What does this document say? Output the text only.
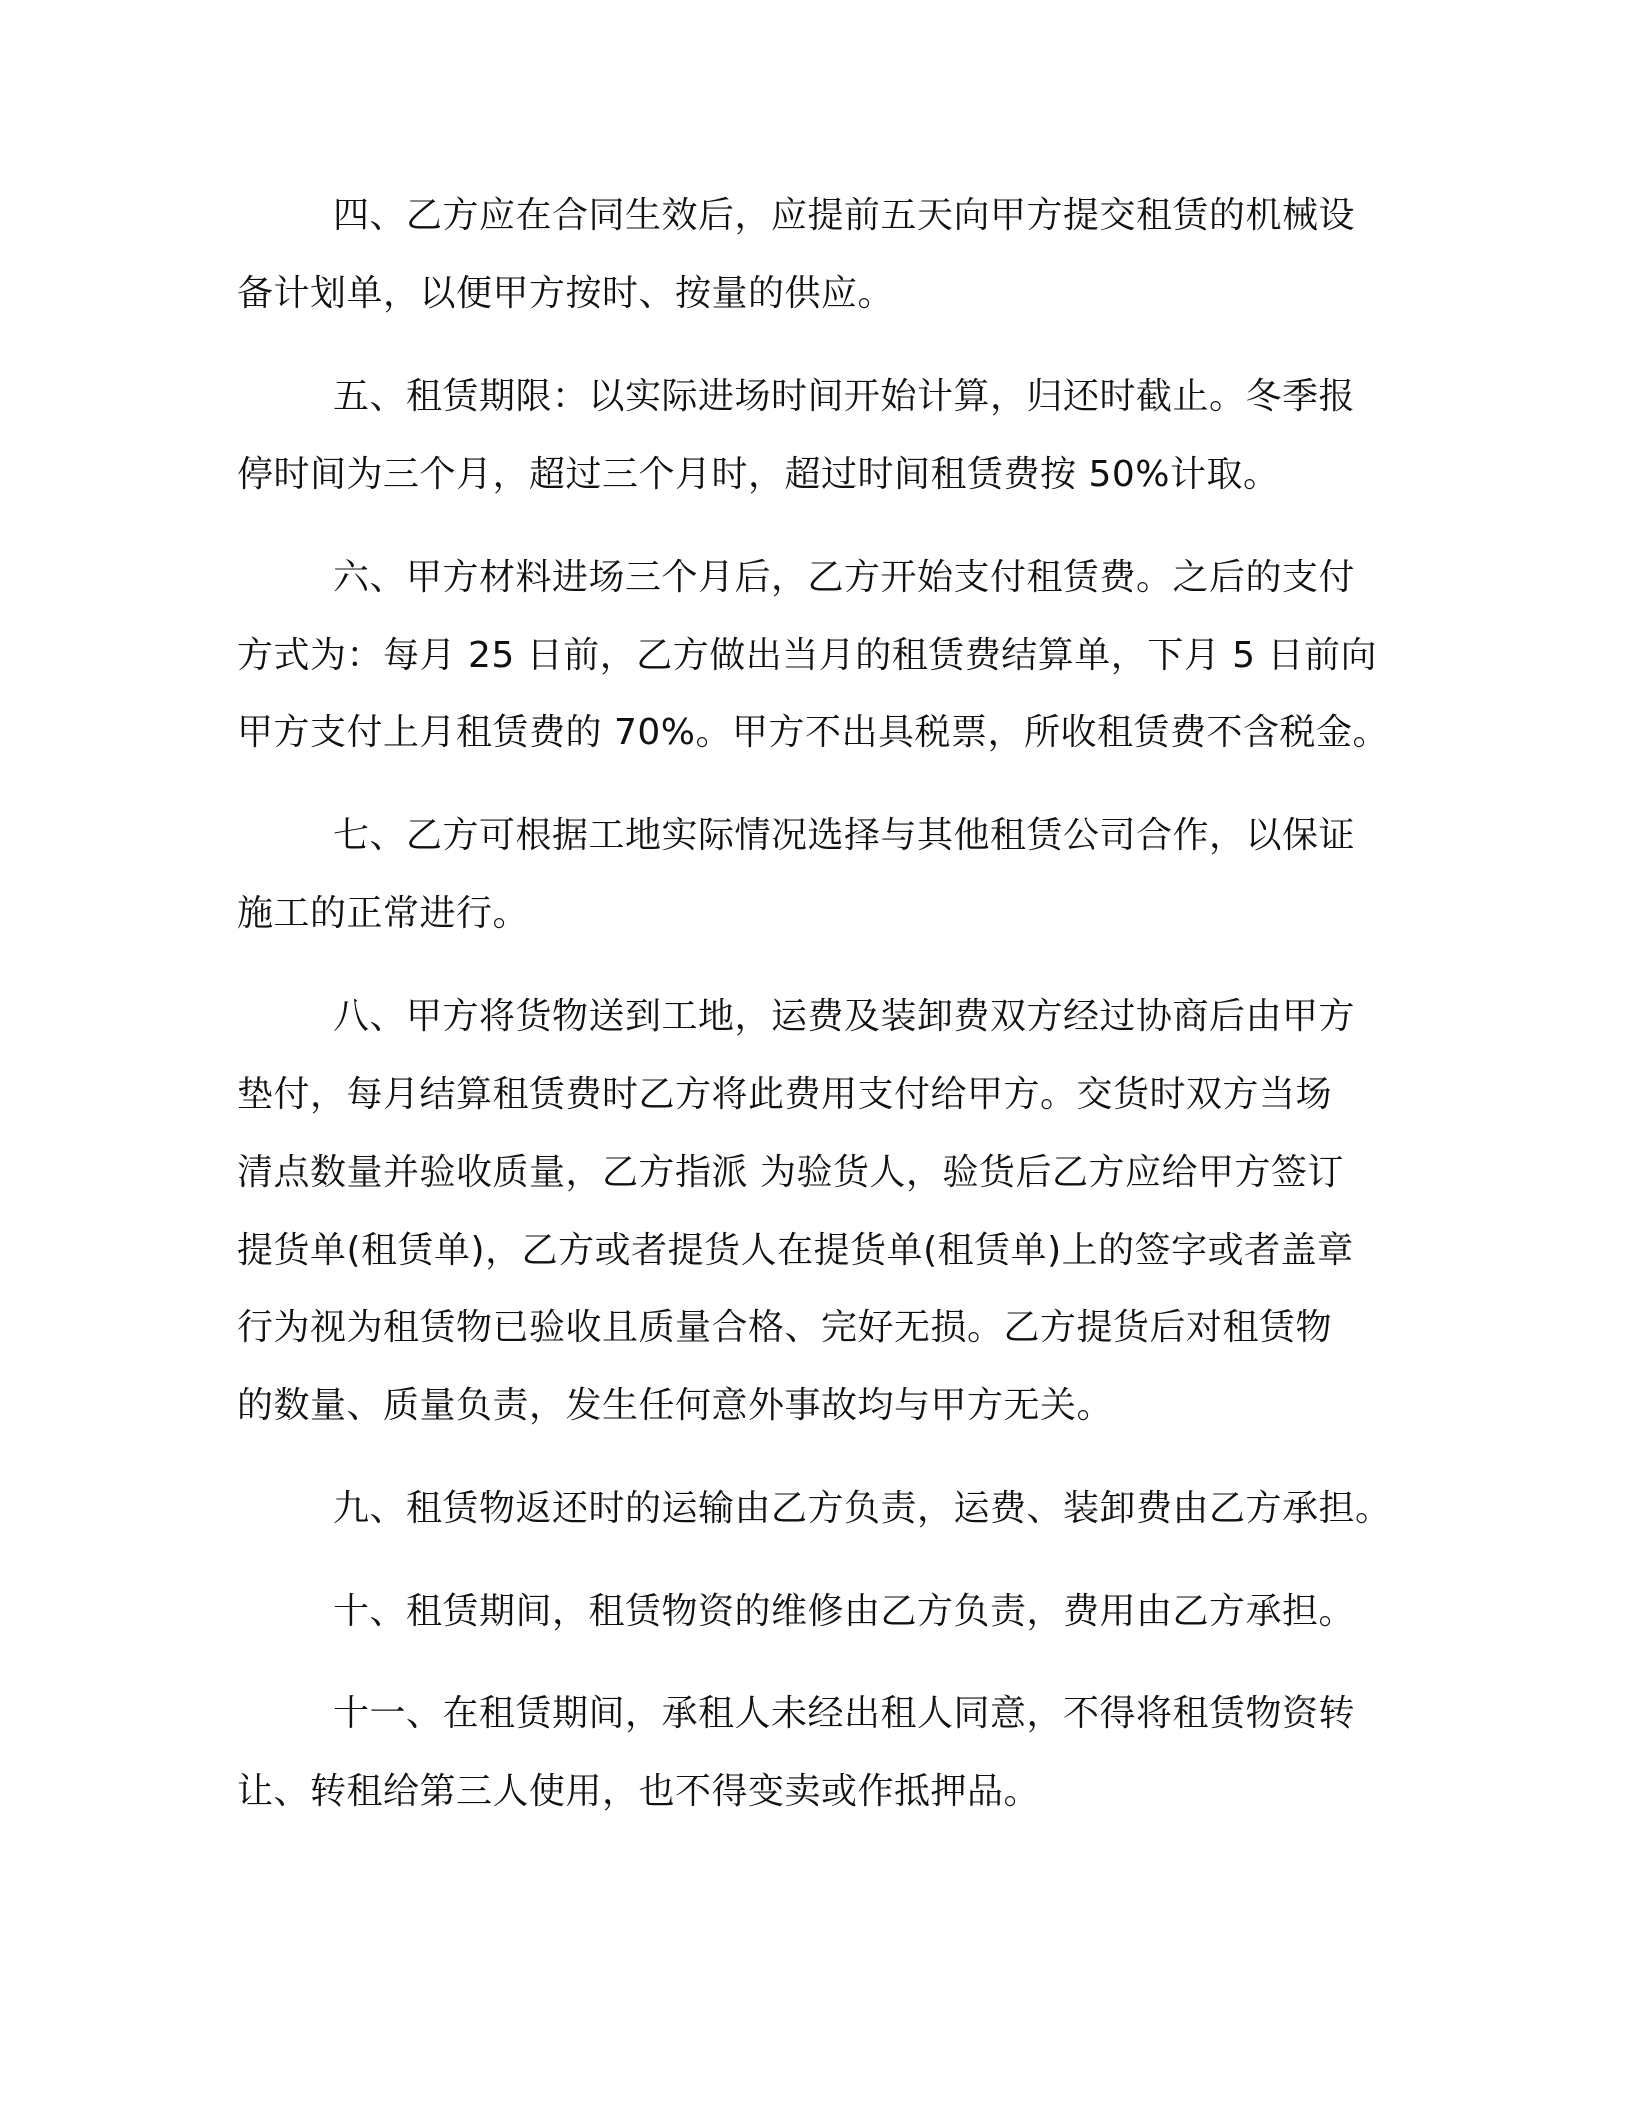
四、乙方应在合同生效后，应提前五天向甲方提交租赁的机械设
备计划单，以便甲方按时、按量的供应。
五、租赁期限：以实际进场时间开始计算，归还时截止。冬季报
停时间为三个月，超过三个月时，超过时间租赁费按 50%计取。
六、甲方材料进场三个月后，乙方开始支付租赁费。之后的支付
方式为：每月 25 日前，乙方做出当月的租赁费结算单，下月 5 日前向
甲方支付上月租赁费的 70%。甲方不出具税票，所收租赁费不含税金。
七、乙方可根据工地实际情况选择与其他租赁公司合作，以保证
施工的正常进行。
八、甲方将货物送到工地，运费及装卸费双方经过协商后由甲方
垫付，每月结算租赁费时乙方将此费用支付给甲方。交货时双方当场
清点数量并验收质量，乙方指派 为验货人，验货后乙方应给甲方签订
提货单(租赁单)，乙方或者提货人在提货单(租赁单)上的签字或者盖章
行为视为租赁物已验收且质量合格、完好无损。乙方提货后对租赁物
的数量、质量负责，发生任何意外事故均与甲方无关。
九、租赁物返还时的运输由乙方负责，运费、装卸费由乙方承担。
十、租赁期间，租赁物资的维修由乙方负责，费用由乙方承担。
十一、在租赁期间，承租人未经出租人同意，不得将租赁物资转
让、转租给第三人使用，也不得变卖或作抵押品。
